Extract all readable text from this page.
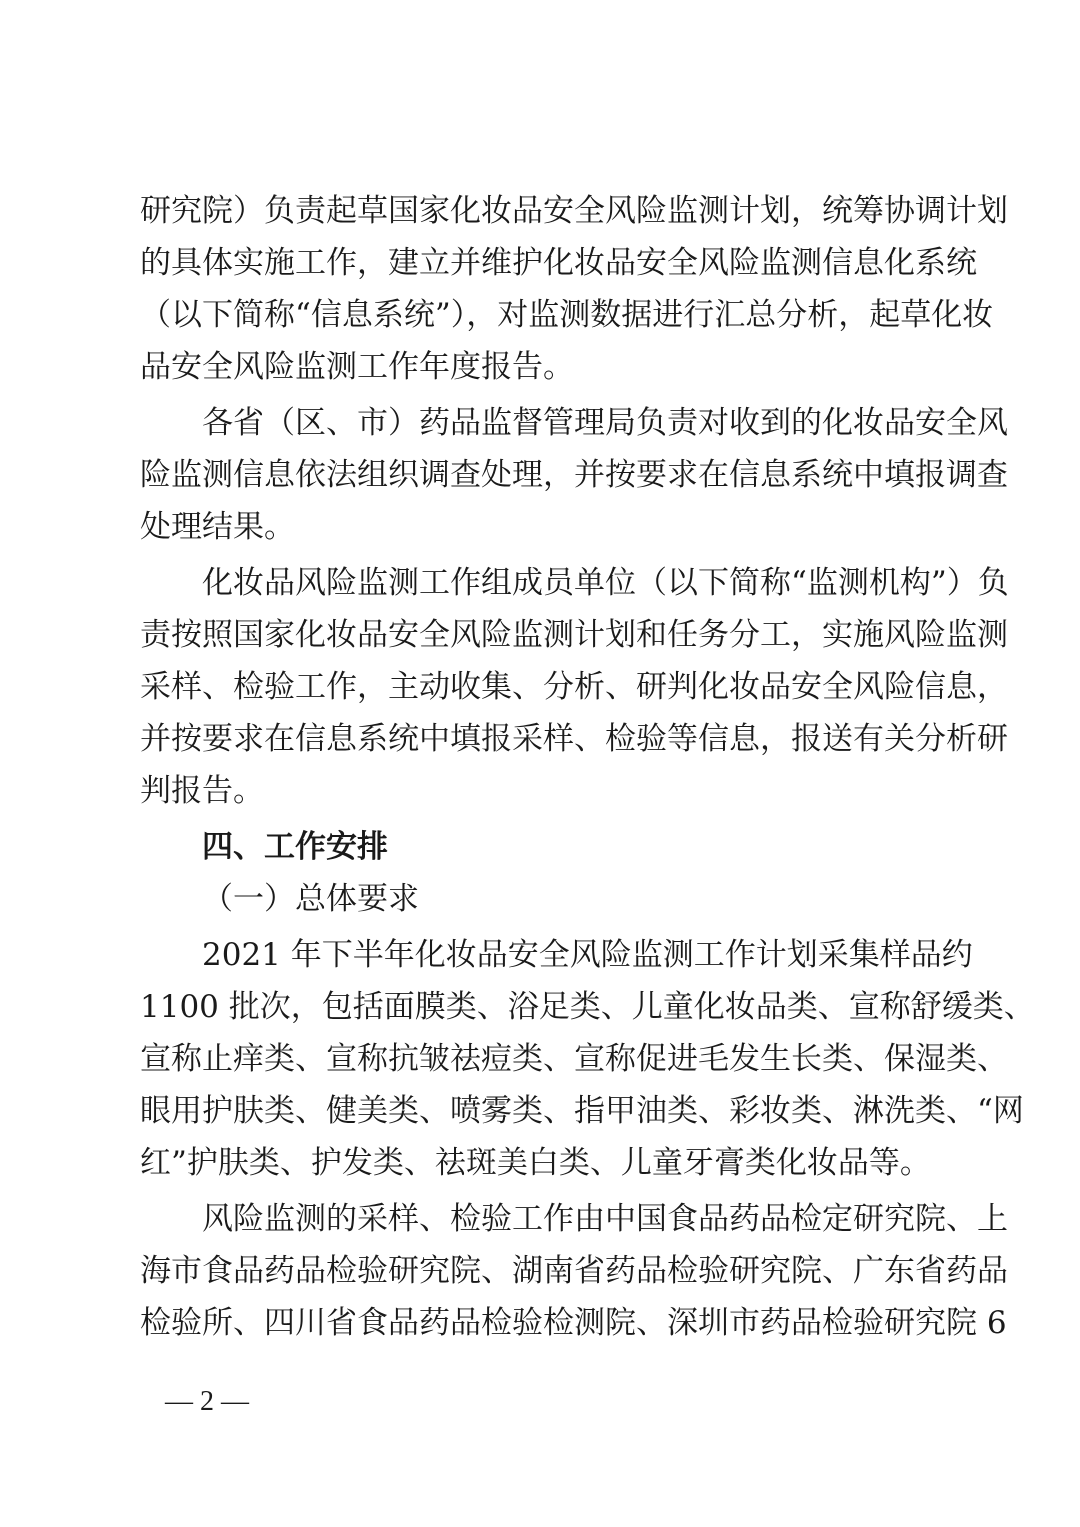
研究院）负责起草国家化妆品安全风险监测计划，统筹协调计划
的具体实施工作，建立并维护化妆品安全风险监测信息化系统
（以下简称“信息系统”），对监测数据进行汇总分析，起草化妆
品安全风险监测工作年度报告。
各省（区、市）药品监督管理局负责对收到的化妆品安全风
险监测信息依法组织调查处理，并按要求在信息系统中填报调查
处理结果。
化妆品风险监测工作组成员单位（以下简称“监测机构”）负
责按照国家化妆品安全风险监测计划和任务分工，实施风险监测
采样、检验工作，主动收集、分析、研判化妆品安全风险信息，
并按要求在信息系统中填报采样、检验等信息，报送有关分析研
判报告。
四、工作安排
（一）总体要求
2021 年下半年化妆品安全风险监测工作计划采集样品约
1100 批次，包括面膜类、浴足类、儿童化妆品类、宣称舒缓类、
宣称止痒类、宣称抗皱祛痘类、宣称促进毛发生长类、保湿类、
眼用护肤类、健美类、喷雾类、指甲油类、彩妆类、淋洗类、“网
红”护肤类、护发类、祛斑美白类、儿童牙膏类化妆品等。
风险监测的采样、检验工作由中国食品药品检定研究院、上
海市食品药品检验研究院、湖南省药品检验研究院、广东省药品
检验所、四川省食品药品检验检测院、深圳市药品检验研究院 6
— 2 —
